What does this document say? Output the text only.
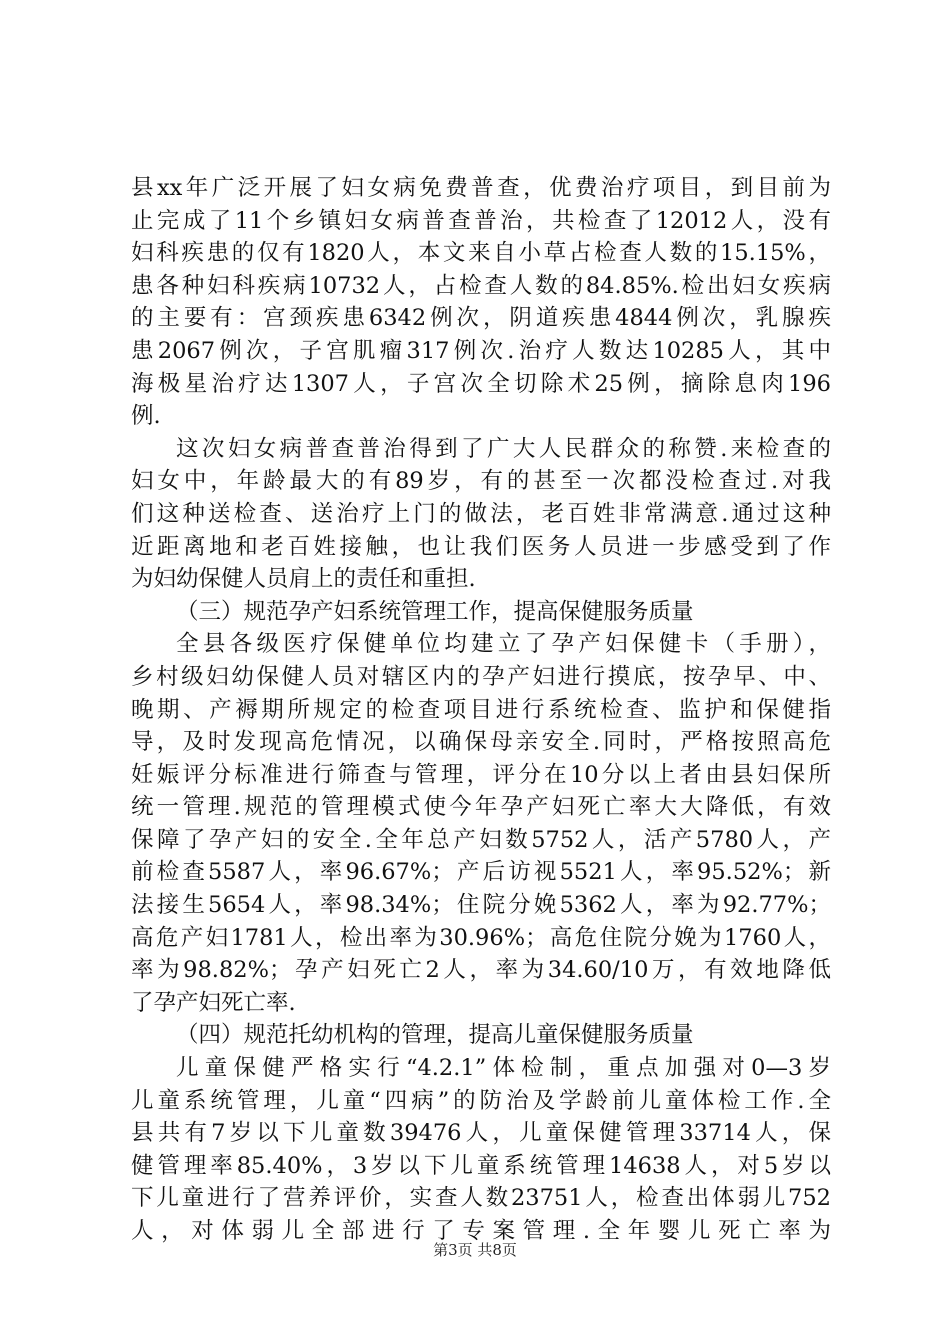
县xx年广泛开展了妇女病免费普查，优费治疗项目，到目前为
止完成了11个乡镇妇女病普查普治，共检查了12012人，没有
妇科疾患的仅有1820人，本文来自小草占检查人数的15.15%，
患各种妇科疾病10732人，占检查人数的84.85%.检出妇女疾病
的主要有：宫颈疾患6342例次，阴道疾患4844例次，乳腺疾
患2067例次，子宫肌瘤317例次.治疗人数达10285人，其中
海极星治疗达1307人，子宫次全切除术25例，摘除息肉196
例.
这次妇女病普查普治得到了广大人民群众的称赞.来检查的
妇女中，年龄最大的有89岁，有的甚至一次都没检查过.对我
们这种送检查、送治疗上门的做法，老百姓非常满意.通过这种
近距离地和老百姓接触，也让我们医务人员进一步感受到了作
为妇幼保健人员肩上的责任和重担.
（三）规范孕产妇系统管理工作，提高保健服务质量
全县各级医疗保健单位均建立了孕产妇保健卡（手册），
乡村级妇幼保健人员对辖区内的孕产妇进行摸底，按孕早、中、
晚期、产褥期所规定的检查项目进行系统检查、监护和保健指
导，及时发现高危情况，以确保母亲安全.同时，严格按照高危
妊娠评分标准进行筛查与管理，评分在10分以上者由县妇保所
统一管理.规范的管理模式使今年孕产妇死亡率大大降低，有效
保障了孕产妇的安全.全年总产妇数5752人，活产5780人，产
前检查5587人，率96.67%；产后访视5521人，率95.52%；新
法接生5654人，率98.34%；住院分娩5362人，率为92.77%；
高危产妇1781人，检出率为30.96%；高危住院分娩为1760人，
率为98.82%；孕产妇死亡2人，率为34.60/10万，有效地降低
了孕产妇死亡率.
（四）规范托幼机构的管理，提高儿童保健服务质量
儿童保健严格实行“4.2.1”体检制，重点加强对0—3岁
儿童系统管理，儿童“四病”的防治及学龄前儿童体检工作.全
县共有7岁以下儿童数39476人，儿童保健管理33714人，保
健管理率85.40%，3岁以下儿童系统管理14638人，对5岁以
下儿童进行了营养评价，实查人数23751人，检查出体弱儿752
人，对体弱儿全部进行了专案管理.全年婴儿死亡率为
第3页 共8页
